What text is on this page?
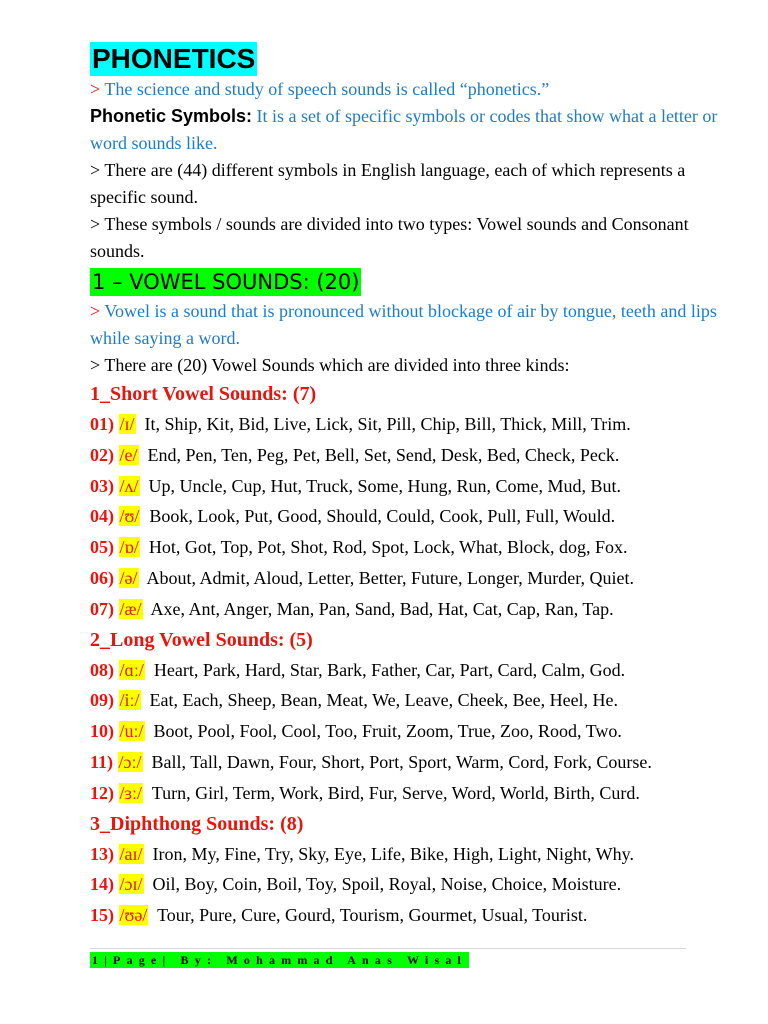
PHONETICS
> The science and study of speech sounds is called “phonetics.”
Phonetic Symbols: It is a set of specific symbols or codes that show what a letter or word sounds like.
> There are (44) different symbols in English language, each of which represents a specific sound.
> These symbols / sounds are divided into two types: Vowel sounds and Consonant sounds.
1 – VOWEL SOUNDS: (20)
> Vowel is a sound that is pronounced without blockage of air by tongue, teeth and lips while saying a word.
> There are (20) Vowel Sounds which are divided into three kinds:
1_Short Vowel Sounds: (7)
01) /ɪ/ It, Ship, Kit, Bid, Live, Lick, Sit, Pill, Chip, Bill, Thick, Mill, Trim.
02) /e/ End, Pen, Ten, Peg, Pet, Bell, Set, Send, Desk, Bed, Check, Peck.
03) /ʌ/ Up, Uncle, Cup, Hut, Truck, Some, Hung, Run, Come, Mud, But.
04) /ʊ/ Book, Look, Put, Good, Should, Could, Cook, Pull, Full, Would.
05) /ɒ/ Hot, Got, Top, Pot, Shot, Rod, Spot, Lock, What, Block, dog, Fox.
06) /ə/ About, Admit, Aloud, Letter, Better, Future, Longer, Murder, Quiet.
07) /æ/ Axe, Ant, Anger, Man, Pan, Sand, Bad, Hat, Cat, Cap, Ran, Tap.
2_Long Vowel Sounds: (5)
08) /ɑː/ Heart, Park, Hard, Star, Bark, Father, Car, Part, Card, Calm, God.
09) /iː/ Eat, Each, Sheep, Bean, Meat, We, Leave, Cheek, Bee, Heel, He.
10) /uː/ Boot, Pool, Fool, Cool, Too, Fruit, Zoom, True, Zoo, Rood, Two.
11) /ɔː/ Ball, Tall, Dawn, Four, Short, Port, Sport, Warm, Cord, Fork, Course.
12) /ɜː/ Turn, Girl, Term, Work, Bird, Fur, Serve, Word, World, Birth, Curd.
3_Diphthong Sounds: (8)
13) /aɪ/ Iron, My, Fine, Try, Sky, Eye, Life, Bike, High, Light, Night, Why.
14) /ɔɪ/ Oil, Boy, Coin, Boil, Toy, Spoil, Royal, Noise, Choice, Moisture.
15) /ʊə/ Tour, Pure, Cure, Gourd, Tourism, Gourmet, Usual, Tourist.
1|Page| By: Mohammad Anas Wisal
